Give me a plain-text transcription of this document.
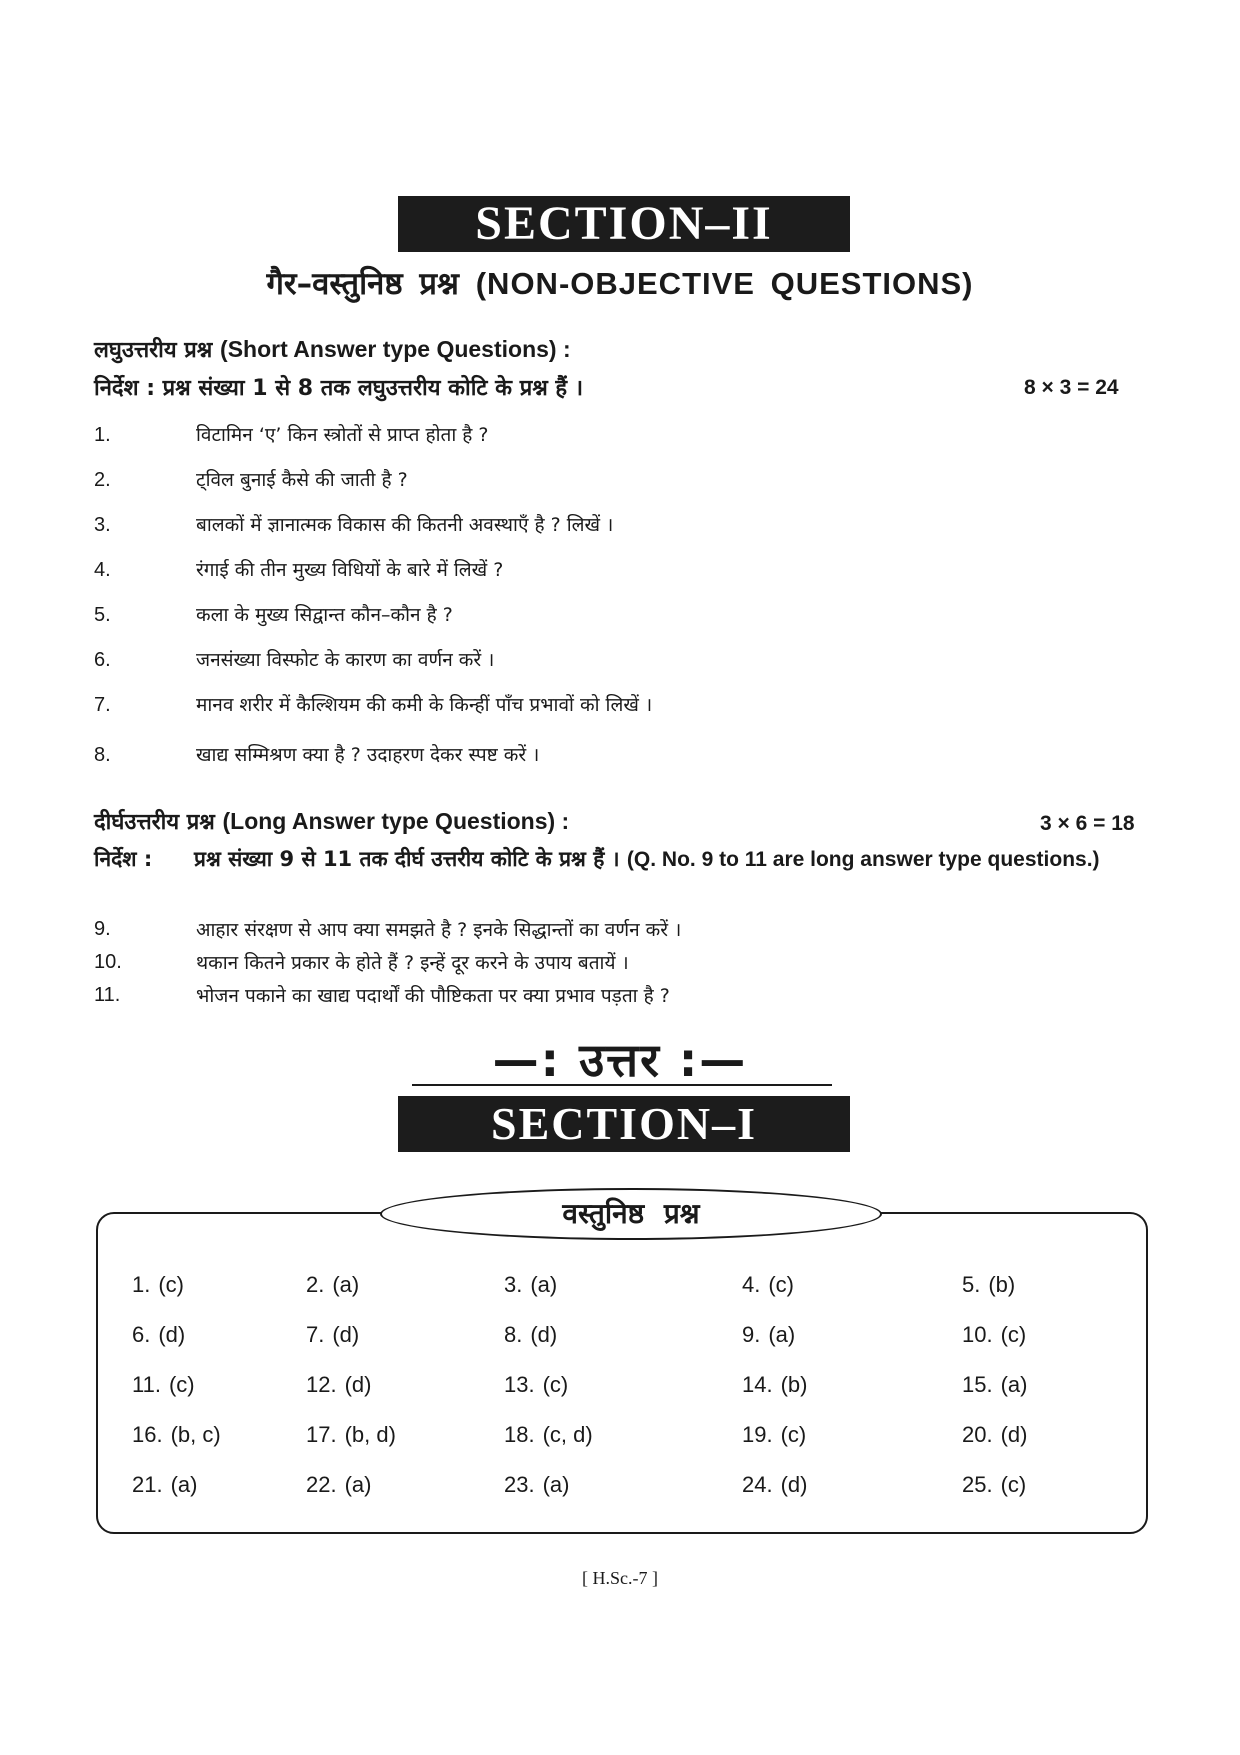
SECTION–II
गैर–वस्तुनिष्ठ प्रश्न (NON-OBJECTIVE QUESTIONS)
लघुउत्तरीय प्रश्न (Short Answer type Questions) :
निर्देश : प्रश्न संख्या 1 से 8 तक लघुउत्तरीय कोटि के प्रश्न हैं ।	8 × 3 = 24
1.	विटामिन ‘ए’ किन स्त्रोतों से प्राप्त होता है ?
2.	ट्विल बुनाई कैसे की जाती है ?
3.	बालकों में ज्ञानात्मक विकास की कितनी अवस्थाएँ है ? लिखें ।
4.	रंगाई की तीन मुख्य विधियों के बारे में लिखें ?
5.	कला के मुख्य सिद्वान्त कौन–कौन है ?
6.	जनसंख्या विस्फोट के कारण का वर्णन करें ।
7.	मानव शरीर में कैल्शियम की कमी के किन्हीं पाँच प्रभावों को लिखें ।
8.	खाद्य सम्मिश्रण क्या है ? उदाहरण देकर स्पष्ट करें ।
दीर्घउत्तरीय प्रश्न (Long Answer type Questions) :	3 × 6 = 18
निर्देश : प्रश्न संख्या 9 से 11 तक दीर्घ उत्तरीय कोटि के प्रश्न हैं । (Q. No. 9 to 11 are long answer type questions.)
9.	आहार संरक्षण से आप क्या समझते है ? इनके सिद्धान्तों का वर्णन करें ।
10.	थकान कितने प्रकार के होते हैं ? इन्हें दूर करने के उपाय बतायें ।
11.	भोजन पकाने का खाद्य पदार्थों की पौष्टिकता पर क्या प्रभाव पड़ता है ?
—: उत्तर :—
SECTION–I
वस्तुनिष्ठ प्रश्न
1. (c)	2. (a)	3. (a)	4. (c)	5. (b)
6. (d)	7. (d)	8. (d)	9. (a)	10. (c)
11. (c)	12. (d)	13. (c)	14. (b)	15. (a)
16. (b, c)	17. (b, d)	18. (c, d)	19. (c)	20. (d)
21. (a)	22. (a)	23. (a)	24. (d)	25. (c)
[ H.Sc.-7 ]
